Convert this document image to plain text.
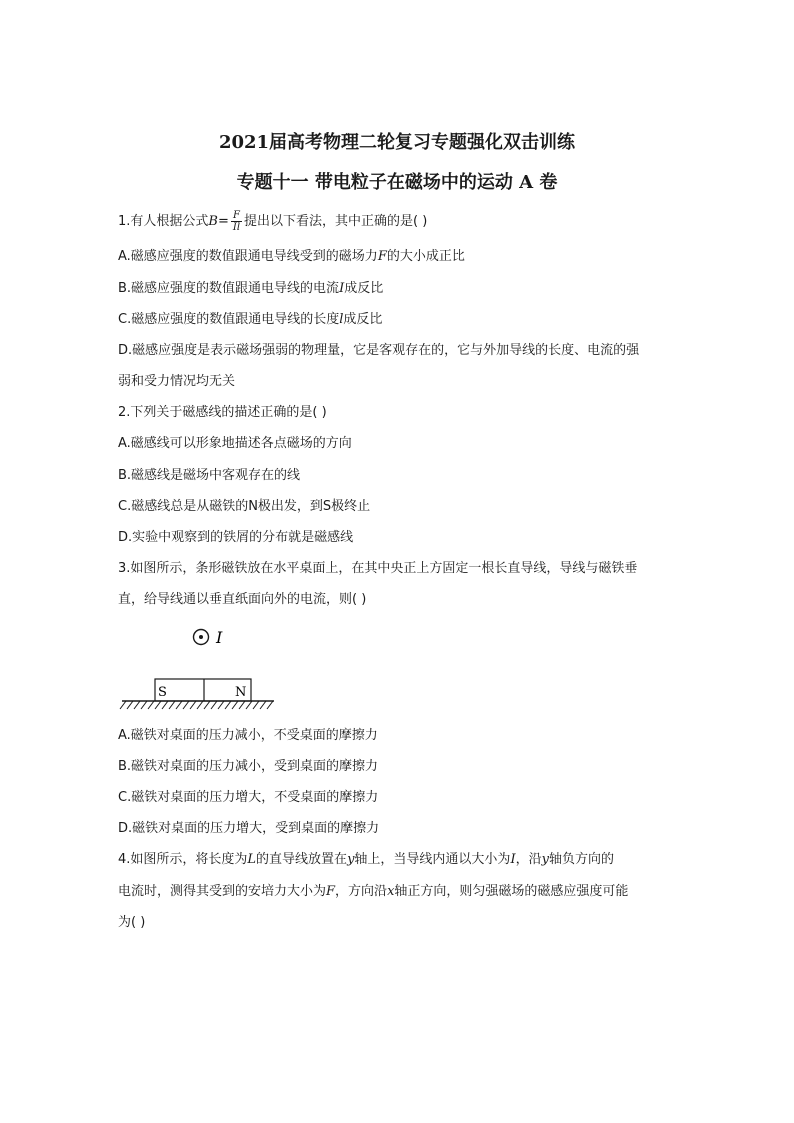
2021届高考物理二轮复习专题强化双击训练
专题十一 带电粒子在磁场中的运动 A 卷
1.有人根据公式$B= \frac{F}{Il}$ 提出以下看法，其中正确的是( )
A.磁感应强度的数值跟通电导线受到的磁场力F的大小成正比
B.磁感应强度的数值跟通电导线的电流I成反比
C.磁感应强度的数值跟通电导线的长度l成反比
D.磁感应强度是表示磁场强弱的物理量，它是客观存在的，它与外加导线的长度、电流的强
弱和受力情况均无关
2.下列关于磁感线的描述正确的是( )
A.磁感线可以形象地描述各点磁场的方向
B.磁感线是磁场中客观存在的线
C.磁感线总是从磁铁的N极出发，到S极终止
D.实验中观察到的铁屑的分布就是磁感线
3.如图所示，条形磁铁放在水平桌面上，在其中央正上方固定一根长直导线，导线与磁铁垂
直，给导线通以垂直纸面向外的电流，则( )
I
S	N
A.磁铁对桌面的压力减小，不受桌面的摩擦力
B.磁铁对桌面的压力减小，受到桌面的摩擦力
C.磁铁对桌面的压力增大，不受桌面的摩擦力
D.磁铁对桌面的压力增大，受到桌面的摩擦力
4.如图所示，将长度为L的直导线放置在y轴上，当导线内通以大小为I，沿y轴负方向的
电流时，测得其受到的安培力大小为F，方向沿x轴正方向，则匀强磁场的磁感应强度可能
为( )
